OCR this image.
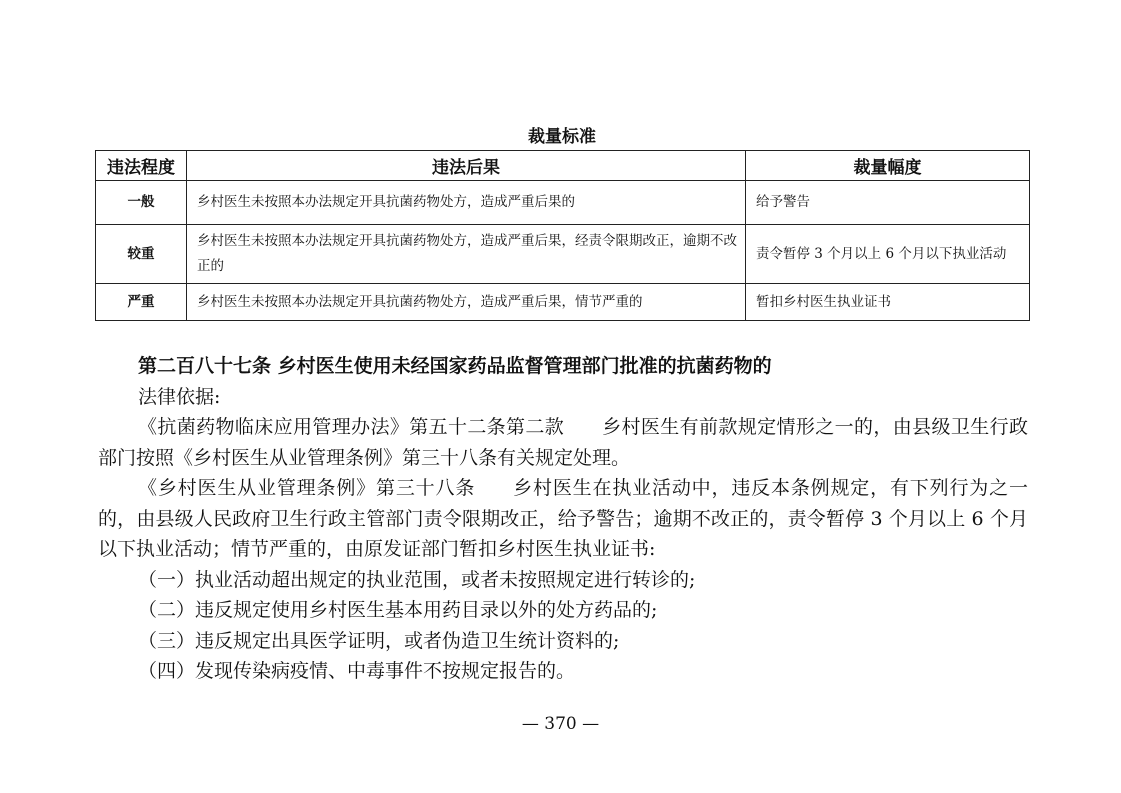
裁量标准
违法程度	违法后果	裁量幅度
一般	乡村医生未按照本办法规定开具抗菌药物处方，造成严重后果的	给予警告
较重	乡村医生未按照本办法规定开具抗菌药物处方，造成严重后果，经责令限期改正，逾期不改正的	责令暂停 3 个月以上 6 个月以下执业活动
严重	乡村医生未按照本办法规定开具抗菌药物处方，造成严重后果，情节严重的	暂扣乡村医生执业证书

第二百八十七条 乡村医生使用未经国家药品监督管理部门批准的抗菌药物的

法律依据:

《抗菌药物临床应用管理办法》第五十二条第二款 乡村医生有前款规定情形之一的，由县级卫生行政部门按照《乡村医生从业管理条例》第三十八条有关规定处理。

《乡村医生从业管理条例》第三十八条 乡村医生在执业活动中，违反本条例规定，有下列行为之一的，由县级人民政府卫生行政主管部门责令限期改正，给予警告；逾期不改正的，责令暂停 3 个月以上 6 个月以下执业活动；情节严重的，由原发证部门暂扣乡村医生执业证书:

（一）执业活动超出规定的执业范围，或者未按照规定进行转诊的;

（二）违反规定使用乡村医生基本用药目录以外的处方药品的;

（三）违反规定出具医学证明，或者伪造卫生统计资料的;

（四）发现传染病疫情、中毒事件不按规定报告的。

— 370 —
